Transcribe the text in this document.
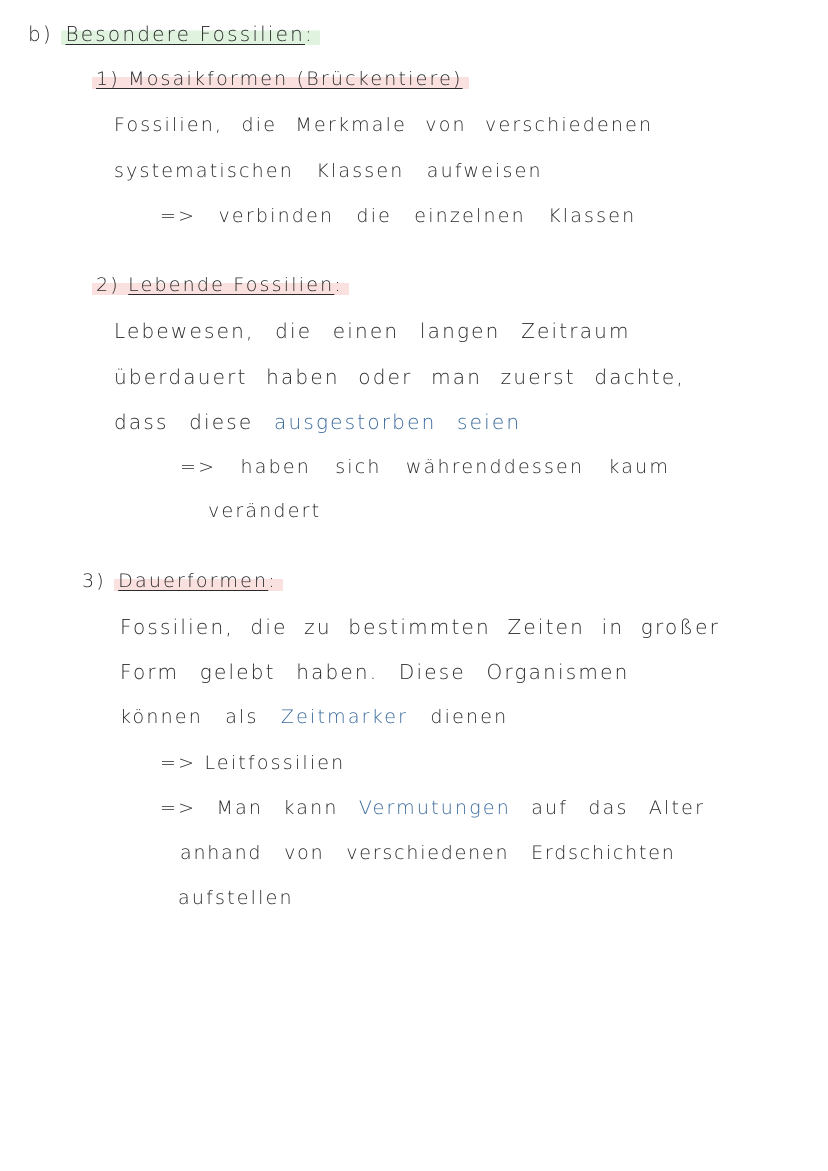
b) Besondere Fossilien:
1) Mosaikformen (Brückentiere)
Fossilien, die Merkmale von verschiedenen
systematischen Klassen aufweisen
=> verbinden die einzelnen Klassen
2) Lebende Fossilien:
Lebewesen, die einen langen Zeitraum
überdauert haben oder man zuerst dachte,
dass diese ausgestorben seien
=> haben sich währenddessen kaum
verändert
3) Dauerformen:
Fossilien, die zu bestimmten Zeiten in großer
Form gelebt haben. Diese Organismen
können als Zeitmarker dienen
=> Leitfossilien
=> Man kann Vermutungen auf das Alter
anhand von verschiedenen Erdschichten
aufstellen
